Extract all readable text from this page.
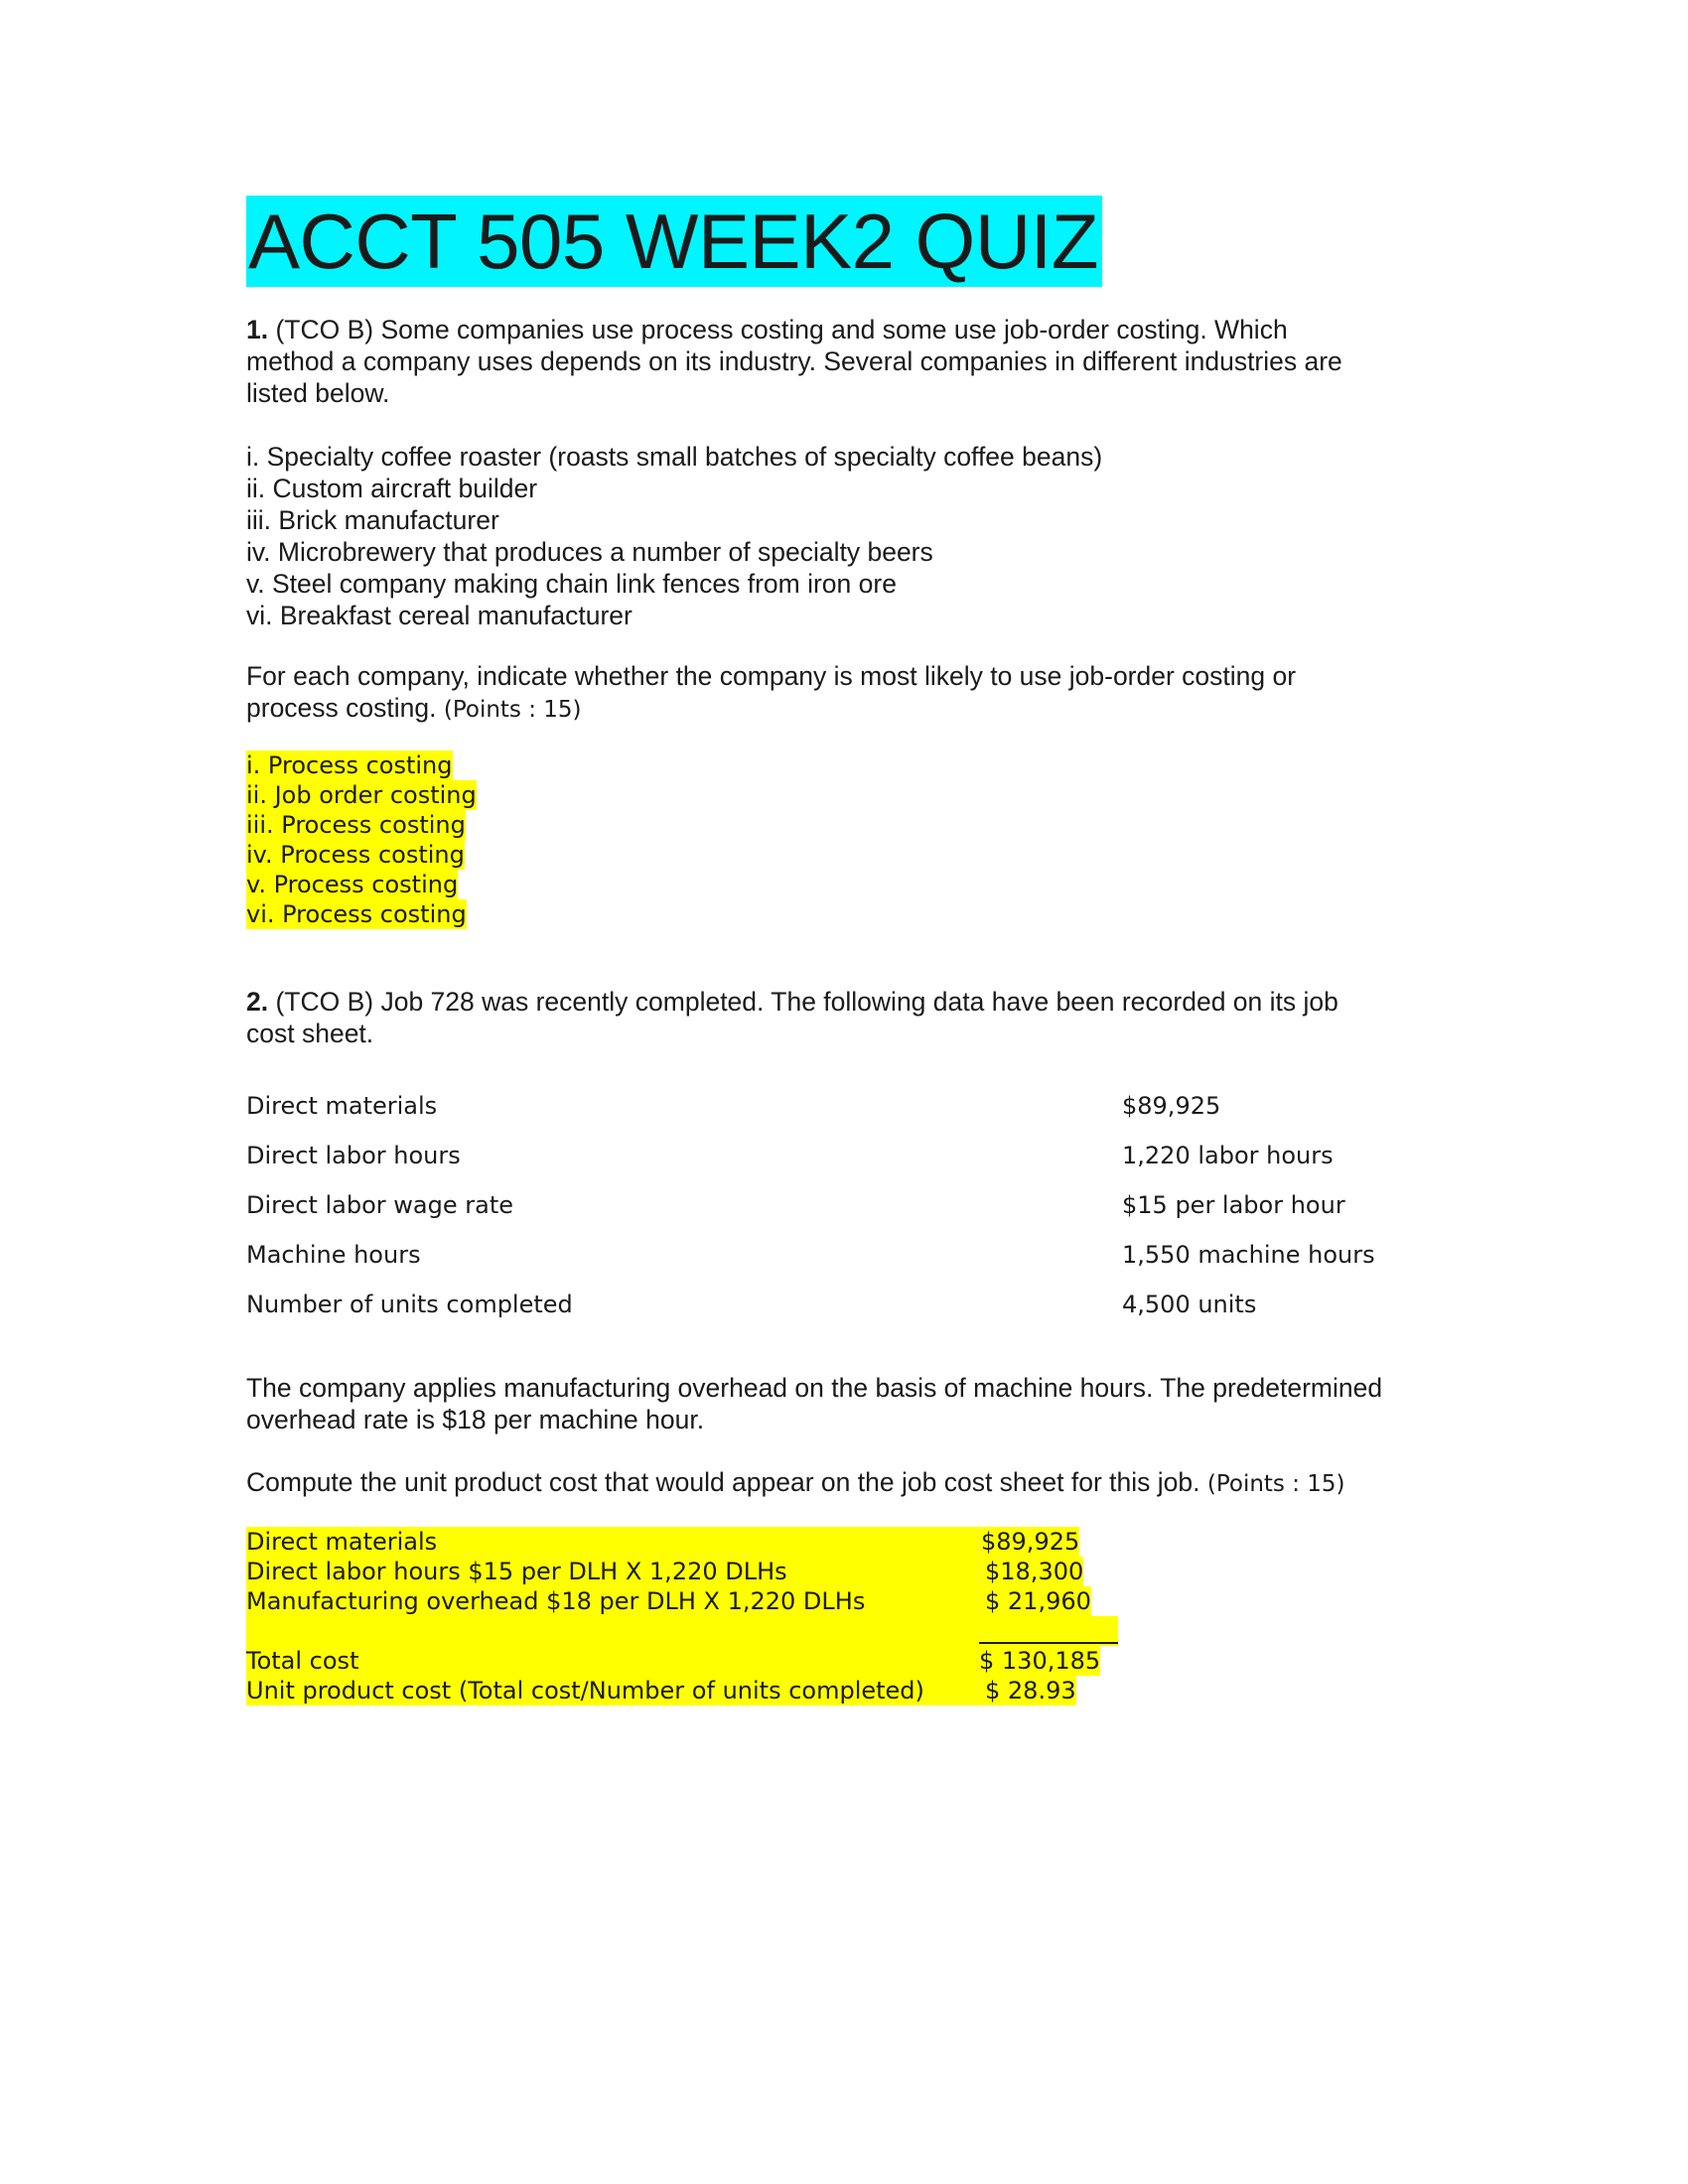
ACCT 505 WEEK2 QUIZ
1. (TCO B) Some companies use process costing and some use job-order costing. Which
method a company uses depends on its industry. Several companies in different industries are
listed below.
i. Specialty coffee roaster (roasts small batches of specialty coffee beans)
ii. Custom aircraft builder
iii. Brick manufacturer
iv. Microbrewery that produces a number of specialty beers
v. Steel company making chain link fences from iron ore
vi. Breakfast cereal manufacturer
For each company, indicate whether the company is most likely to use job-order costing or
process costing. (Points : 15)
i. Process costing
ii. Job order costing
iii. Process costing
iv. Process costing
v. Process costing
vi. Process costing
2. (TCO B) Job 728 was recently completed. The following data have been recorded on its job
cost sheet.
Direct materials	$89,925
Direct labor hours	1,220 labor hours
Direct labor wage rate	$15 per labor hour
Machine hours	1,550 machine hours
Number of units completed	4,500 units
The company applies manufacturing overhead on the basis of machine hours. The predetermined
overhead rate is $18 per machine hour.
Compute the unit product cost that would appear on the job cost sheet for this job. (Points : 15)
Direct materials	$89,925
Direct labor hours $15 per DLH X 1,220 DLHs	$18,300
Manufacturing overhead $18 per DLH X 1,220 DLHs	$ 21,960
Total cost	$ 130,185
Unit product cost (Total cost/Number of units completed)	$ 28.93
